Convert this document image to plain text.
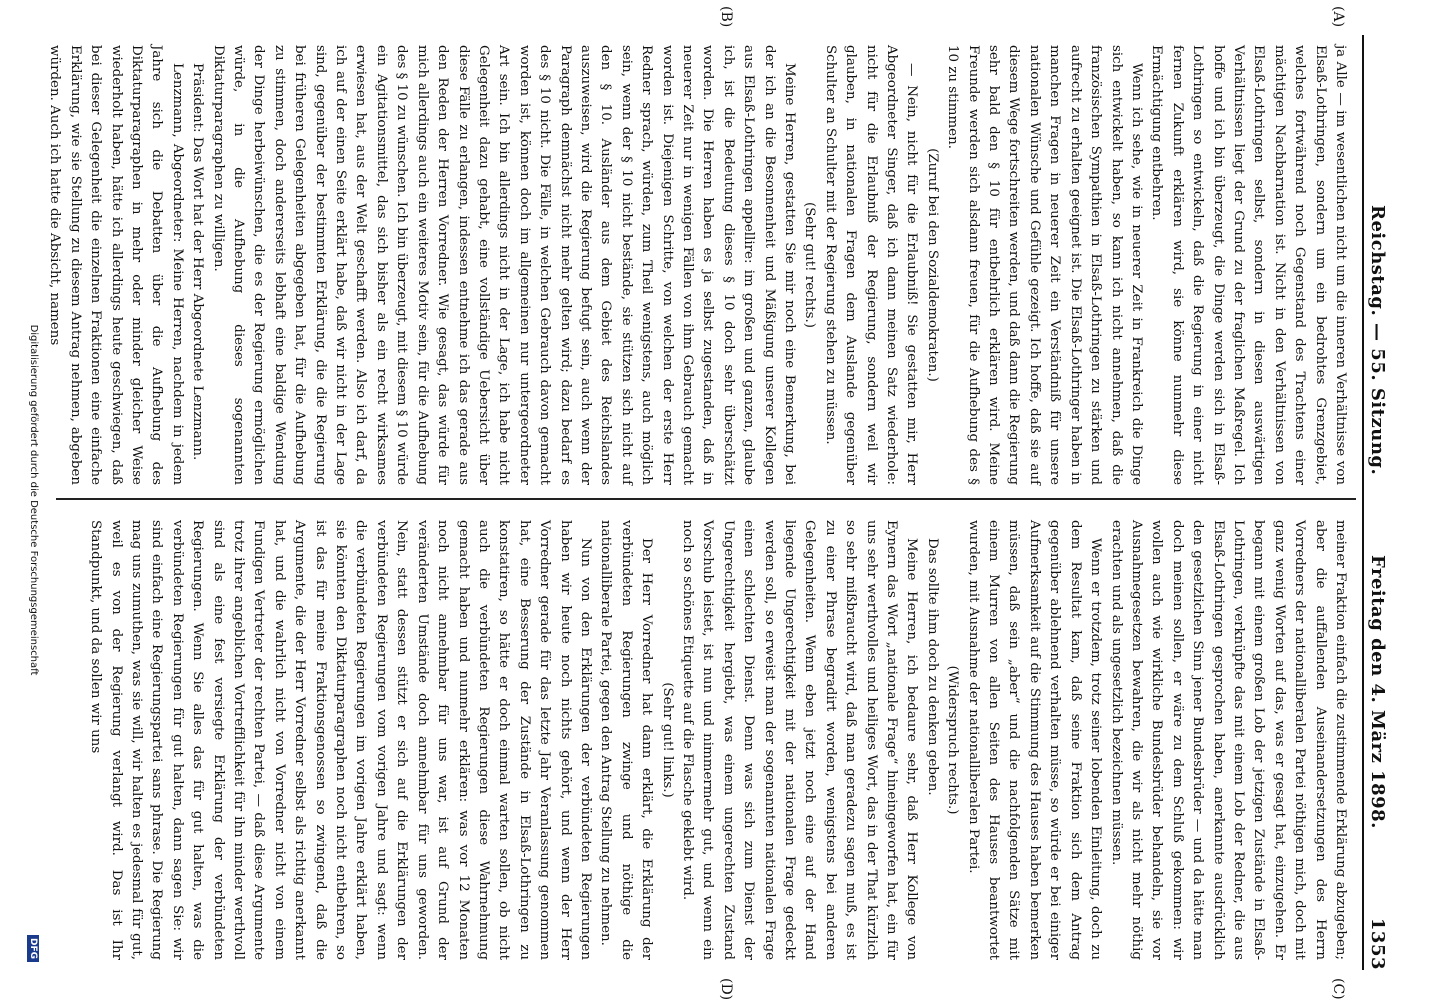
Reichstag. — 55. Sitzung.
Freitag den 4. März 1898.
1353
(A)
(B)
(C)
(D)

ja Alle — im wesentlichen nicht um die inneren Verhältnisse von Elsaß-Lothringen, sondern um ein bedrohtes Grenzgebiet, welches fortwährend noch Gegenstand des Trachtens einer mächtigen Nachbarnation ist. Nicht in den Verhältnissen von Elsaß-Lothringen selbst, sondern in diesen auswärtigen Verhältnissen liegt der Grund zu der fraglichen Maßregel. Ich hoffe und ich bin überzeugt, die Dinge werden sich in Elsaß-Lothringen so entwickeln, daß die Regierung in einer nicht fernen Zukunft erklären wird, sie könne nunmehr diese Ermächtigung entbehren.

Wenn ich sehe, wie in neuerer Zeit in Frankreich die Dinge sich entwickelt haben, so kann ich nicht annehmen, daß die französischen Sympathien in Elsaß-Lothringen zu stärken und aufrecht zu erhalten geeignet ist. Die Elsaß-Lothringer haben in manchen Fragen in neuerer Zeit ein Verständniß für unsere nationalen Wünsche und Gefühle gezeigt. Ich hoffe, daß sie auf diesem Wege fortschreiten werden, und daß dann die Regierung sehr bald den § 10 für entbehrlich erklären wird. Meine Freunde werden sich alsdann freuen, für die Aufhebung des § 10 zu stimmen.

(Zuruf bei den Sozialdemokraten.)

— Nein, nicht für die Erlaubniß! Sie gestatten mir, Herr Abgeordneter Singer, daß ich dann meinen Satz wiederhole: nicht für die Erlaubniß der Regierung, sondern weil wir glauben, in nationalen Fragen dem Auslande gegenüber Schulter an Schulter mit der Regierung stehen zu müssen.

(Sehr gut! rechts.)

Meine Herren, gestatten Sie mir noch eine Bemerkung, bei der ich an die Besonnenheit und Mäßigung unserer Kollegen aus Elsaß-Lothringen appellire: im großen und ganzen, glaube ich, ist die Bedeutung dieses § 10 doch sehr überschätzt worden. Die Herren haben es ja selbst zugestanden, daß in neuerer Zeit nur in wenigen Fällen von ihm Gebrauch gemacht worden ist. Diejenigen Schritte, von welchen der erste Herr Redner sprach, würden, zum Theil wenigstens, auch möglich sein, wenn der § 10 nicht bestände, sie stützen sich nicht auf den § 10. Ausländer aus dem Gebiet des Reichslandes auszuweisen, wird die Regierung befugt sein, auch wenn der Paragraph demnächst nicht mehr gelten wird; dazu bedarf es des § 10 nicht. Die Fälle, in welchen Gebrauch davon gemacht worden ist, können doch im allgemeinen nur untergeordneter Art sein. Ich bin allerdings nicht in der Lage, ich habe nicht Gelegenheit dazu gehabt, eine vollständige Uebersicht über diese Fälle zu erlangen, indessen entnehme ich das gerade aus den Reden der Herren Vorredner. Wie gesagt, das würde für mich allerdings auch ein weiteres Motiv sein, für die Aufhebung des § 10 zu wünschen. Ich bin überzeugt, mit diesem § 10 würde ein Agitationsmittel, das sich bisher als ein recht wirksames erwiesen hat, aus der Welt geschafft werden. Also ich darf, da ich auf der einen Seite erklärt habe, daß wir nicht in der Lage sind, gegenüber der bestimmten Erklärung, die die Regierung bei früheren Gelegenheiten abgegeben hat, für die Aufhebung zu stimmen, doch andererseits lebhaft eine baldige Wendung der Dinge herbeiwünschen, die es der Regierung ermöglichen würde, in die Aufhebung dieses sogenannten Diktaturparagraphen zu willigen.

Präsident: Das Wort hat der Herr Abgeordnete Lenzmann.

Lenzmann, Abgeordneter: Meine Herren, nachdem in jedem Jahre sich die Debatten über die Aufhebung des Diktaturparagraphen in mehr oder minder gleicher Weise wiederholt haben, hätte ich allerdings heute geschwiegen, daß bei dieser Gelegenheit die einzelnen Fraktionen eine einfache Erklärung, wie sie Stellung zu diesem Antrag nehmen, abgeben würden. Auch ich hatte die Absicht, namens

meiner Fraktion einfach die zustimmende Erklärung abzugeben; aber die auffallenden Auseinandersetzungen des Herrn Vorredners der nationalliberalen Partei nöthigen mich, doch mit ganz wenig Worten auf das, was er gesagt hat, einzugehen. Er begann mit einem großen Lob der jetzigen Zustände in Elsaß-Lothringen, verknüpfte das mit einem Lob der Redner, die aus Elsaß-Lothringen gesprochen haben, anerkannte ausdrücklich den gesetzlichen Sinn jener Bundesbrüder — und da hätte man doch meinen sollen, er wäre zu dem Schluß gekommen: wir wollen auch wie wirkliche Bundesbrüder behandeln, sie vor Ausnahmegesetzen bewahren, die wir als nicht mehr nöthig erachten und als ungesetzlich bezeichnen müssen.

Wenn er trotzdem, trotz seiner lobenden Einleitung, doch zu dem Resultat kam, daß seine Fraktion sich dem Antrag gegenüber ablehnend verhalten müsse, so würde er bei einiger Aufmerksamkeit auf die Stimmung des Hauses haben bemerken müssen, daß sein „aber“ und die nachfolgenden Sätze mit einem Murren von allen Seiten des Hauses beantwortet wurden, mit Ausnahme der nationalliberalen Partei.

(Widerspruch rechts.)

Das sollte ihm doch zu denken geben.

Meine Herren, ich bedaure sehr, daß Herr Kollege von Eynern das Wort „nationale Frage“ hineingeworfen hat, ein für uns sehr werthvolles und heiliges Wort, das in der That kürzlich so sehr mißbraucht wird, daß man geradezu sagen muß, es ist zu einer Phrase begradirt worden, wenigstens bei anderen Gelegenheiten. Wenn eben jetzt noch eine auf der Hand liegende Ungerechtigkeit mit der nationalen Frage gedeckt werden soll, so erweist man der sogenannten nationalen Frage einen schlechten Dienst. Denn was sich zum Dienst der Ungerechtigkeit hergiebt, was einem ungerechten Zustand Vorschub leistet, ist nun und nimmermehr gut, und wenn ein noch so schönes Etiquette auf die Flasche geklebt wird.

(Sehr gut! links.)

Der Herr Vorredner hat dann erklärt, die Erklärung der verbündeten Regierungen zwinge und nöthige die nationalliberale Partei, gegen den Antrag Stellung zu nehmen.

Nun von den Erklärungen der verbündeten Regierungen haben wir heute noch nichts gehört, und wenn der Herr Vorredner gerade für das letzte Jahr Veranlassung genommen hat, eine Besserung der Zustände in Elsaß-Lothringen zu konstatiren, so hätte er doch einmal warten sollen, ob nicht auch die verbündeten Regierungen diese Wahrnehmung gemacht haben und nunmehr erklären: was vor 12 Monaten noch nicht annehmbar für uns war, ist auf Grund der veränderten Umstände doch annehmbar für uns geworden. Nein, statt dessen stützt er sich auf die Erklärungen der verbündeten Regierungen vom vorigen Jahre und sagt: wenn die verbündeten Regierungen im vorigen Jahre erklärt haben, sie könnten den Diktaturparagraphen noch nicht entbehren, so ist das für meine Fraktionsgenossen so zwingend, daß die Argumente, die der Herr Vorredner selbst als richtig anerkannt hat, und die wahrlich nicht von Vorredner nicht von einem Fundigen Vertreter der rechten Partei, — daß diese Argumente trotz ihrer angeblichen Vortrefflichkeit für ihn minder werthvoll sind als eine fest versiegte Erklärung der verbündeten Regierungen. Wenn Sie alles das für gut halten, was die verbündeten Regierungen für gut halten, dann sagen Sie: wir sind einfach eine Regierungspartei sans phrase. Die Regierung mag uns zumuthen, was sie will, wir halten es jedesmal für gut, weil es von der Regierung verlangt wird. Das ist Ihr Standpunkt, und da sollen wir uns

Digitalisierung gefördert durch die Deutsche Forschungsgemeinschaft
DFG
